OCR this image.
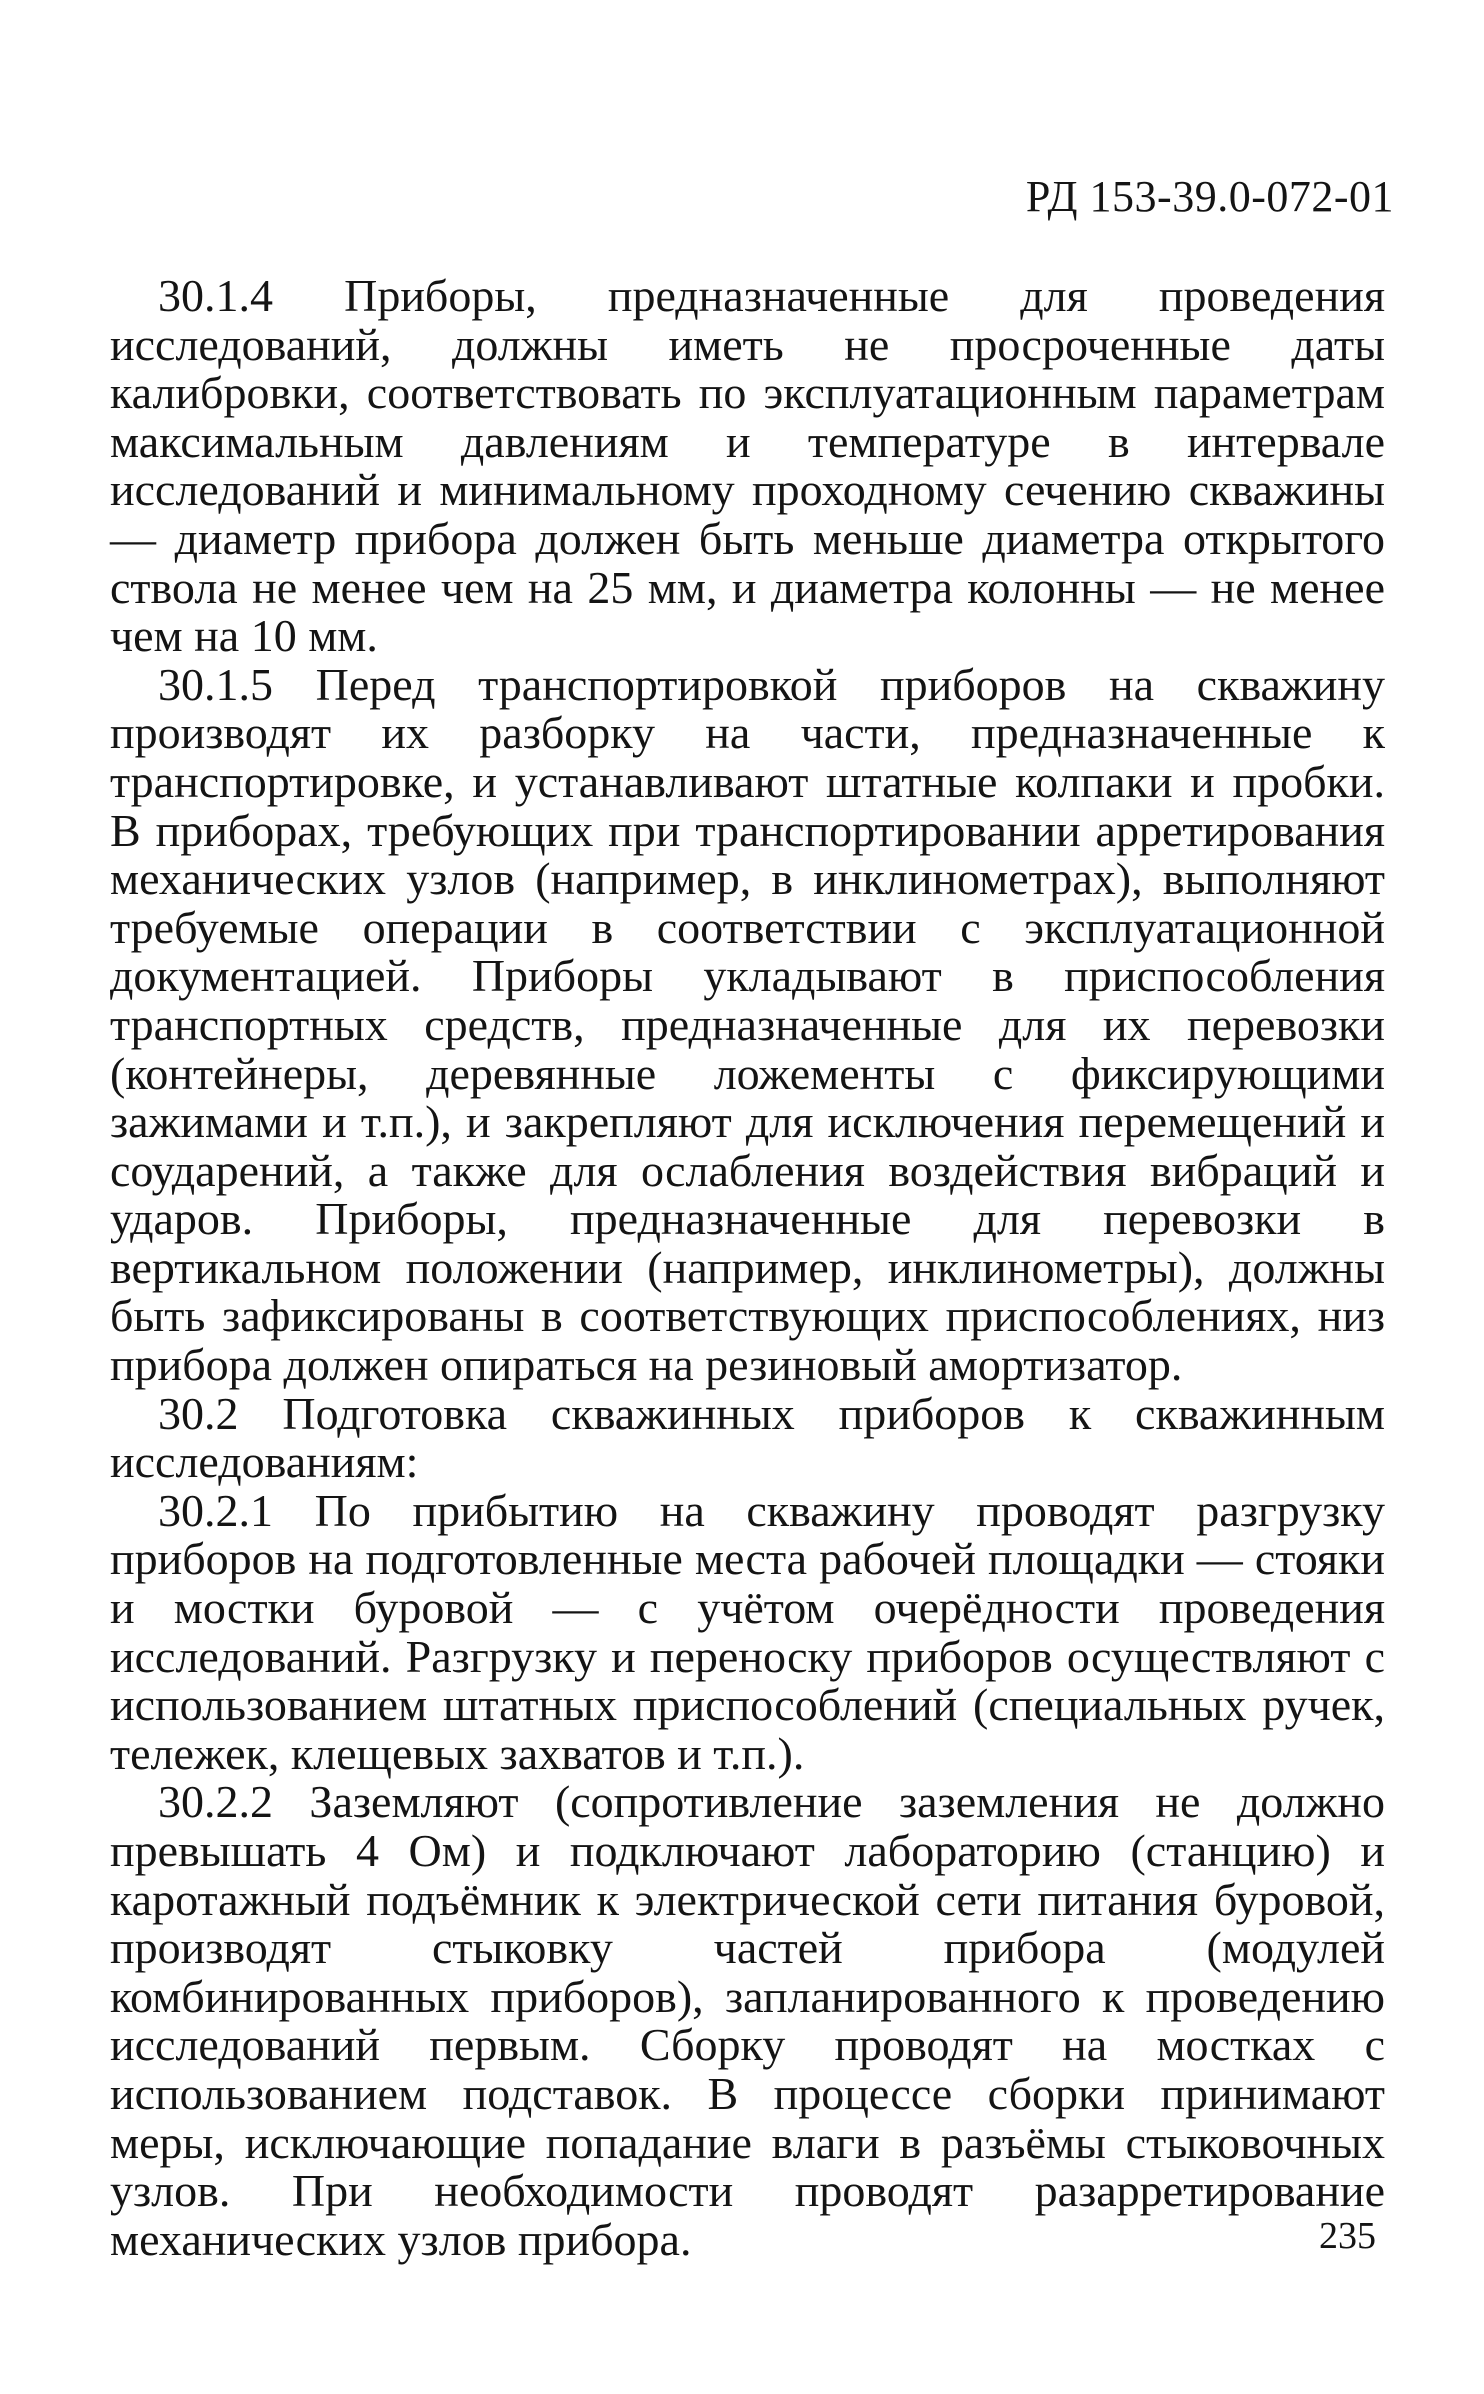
РД 153-39.0-072-01

30.1.4 Приборы, предназначенные для проведения исследований, должны иметь не просроченные даты калибровки, соответствовать по эксплуатационным параметрам максимальным давлениям и температуре в интервале исследований и минимальному проходному сечению скважины — диаметр прибора должен быть меньше диаметра открытого ствола не менее чем на 25 мм, и диаметра колонны — не менее чем на 10 мм.

30.1.5 Перед транспортировкой приборов на скважину производят их разборку на части, предназначенные к транспортировке, и устанавливают штатные колпаки и пробки. В приборах, требующих при транспортировании арретирования механических узлов (например, в инклинометрах), выполняют требуемые операции в соответствии с эксплуатационной документацией. Приборы укладывают в приспособления транспортных средств, предназначенные для их перевозки (контейнеры, деревянные ложементы с фиксирующими зажимами и т.п.), и закрепляют для исключения перемещений и соударений, а также для ослабления воздействия вибраций и ударов. Приборы, предназначенные для перевозки в вертикальном положении (например, инклинометры), должны быть зафиксированы в соответствующих приспособлениях, низ прибора должен опираться на резиновый амортизатор.

30.2 Подготовка скважинных приборов к скважинным исследованиям:

30.2.1 По прибытию на скважину проводят разгрузку приборов на подготовленные места рабочей площадки — стояки и мостки буровой — с учётом очерёдности проведения исследований. Разгрузку и переноску приборов осуществляют с использованием штатных приспособлений (специальных ручек, тележек, клещевых захватов и т.п.).

30.2.2 Заземляют (сопротивление заземления не должно превышать 4 Ом) и подключают лабораторию (станцию) и каротажный подъёмник к электрической сети питания буровой, производят стыковку частей прибора (модулей комбинированных приборов), запланированного к проведению исследований первым. Сборку проводят на мостках с использованием подставок. В процессе сборки принимают меры, исключающие попадание влаги в разъёмы стыковочных узлов. При необходимости проводят разарретирование механических узлов прибора.	235
